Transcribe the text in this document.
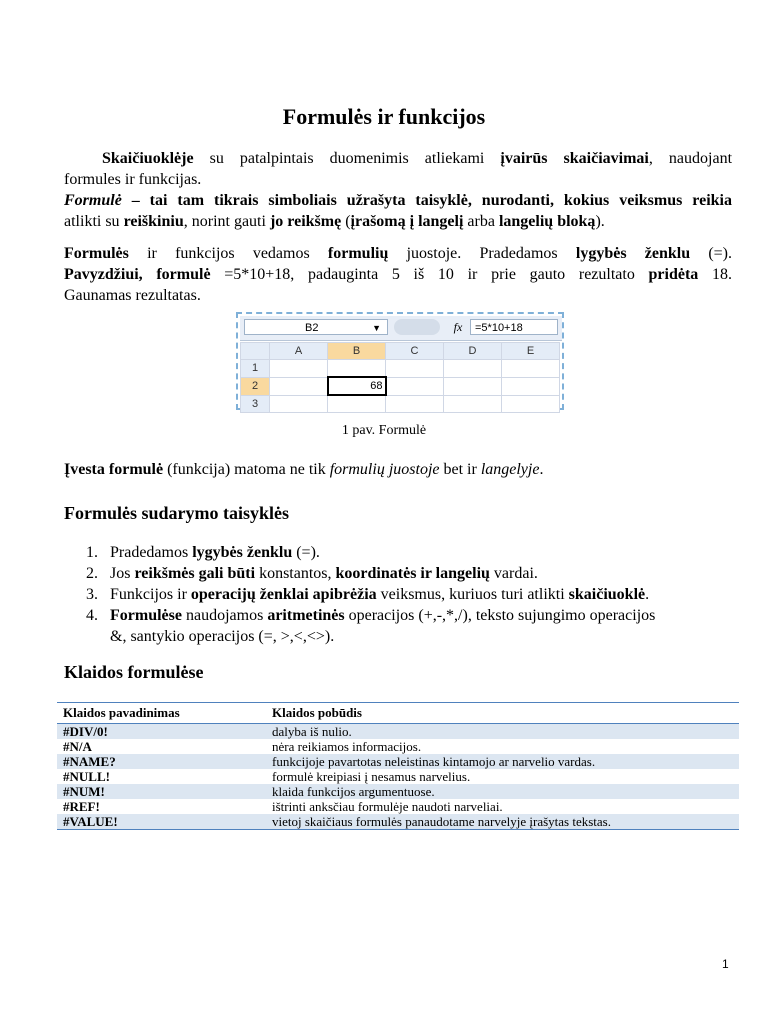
Formulės ir funkcijos
Skaičiuoklėje su patalpintais duomenimis atliekami įvairūs skaičiavimai, naudojant
formules ir funkcijas.
Formulė – tai tam tikrais simboliais užrašyta taisyklė, nurodanti, kokius veiksmus reikia
atlikti su reiškiniu, norint gauti jo reikšmę (įrašomą į langelį arba langelių bloką).
Formulės ir funkcijos vedamos formulių juostoje. Pradedamos lygybės ženklu (=).
Pavyzdžiui, formulė =5*10+18, padauginta 5 iš 10 ir prie gauto rezultato pridėta 18.
Gaunamas rezultatas.
B2	▼	fx	=5*10+18
	A	B	C	D	E
1					
2		68			
3					
1 pav. Formulė
Įvesta formulė (funkcija) matoma ne tik formulių juostoje bet ir langelyje.
Formulės sudarymo taisyklės
1. Pradedamos lygybės ženklu (=).
2. Jos reikšmės gali būti konstantos, koordinatės ir langelių vardai.
3. Funkcijos ir operacijų ženklai apibrėžia veiksmus, kuriuos turi atlikti skaičiuoklė.
4. Formulėse naudojamos aritmetinės operacijos (+,-,*,/), teksto sujungimo operacijos
&, santykio operacijos (=, >,<,<>).
Klaidos formulėse
Klaidos pavadinimas	Klaidos pobūdis
#DIV/0!	dalyba iš nulio.
#N/A	nėra reikiamos informacijos.
#NAME?	funkcijoje pavartotas neleistinas kintamojo ar narvelio vardas.
#NULL!	formulė kreipiasi į nesamus narvelius.
#NUM!	klaida funkcijos argumentuose.
#REF!	ištrinti anksčiau formulėje naudoti narveliai.
#VALUE!	vietoj skaičiaus formulės panaudotame narvelyje įrašytas tekstas.
1
